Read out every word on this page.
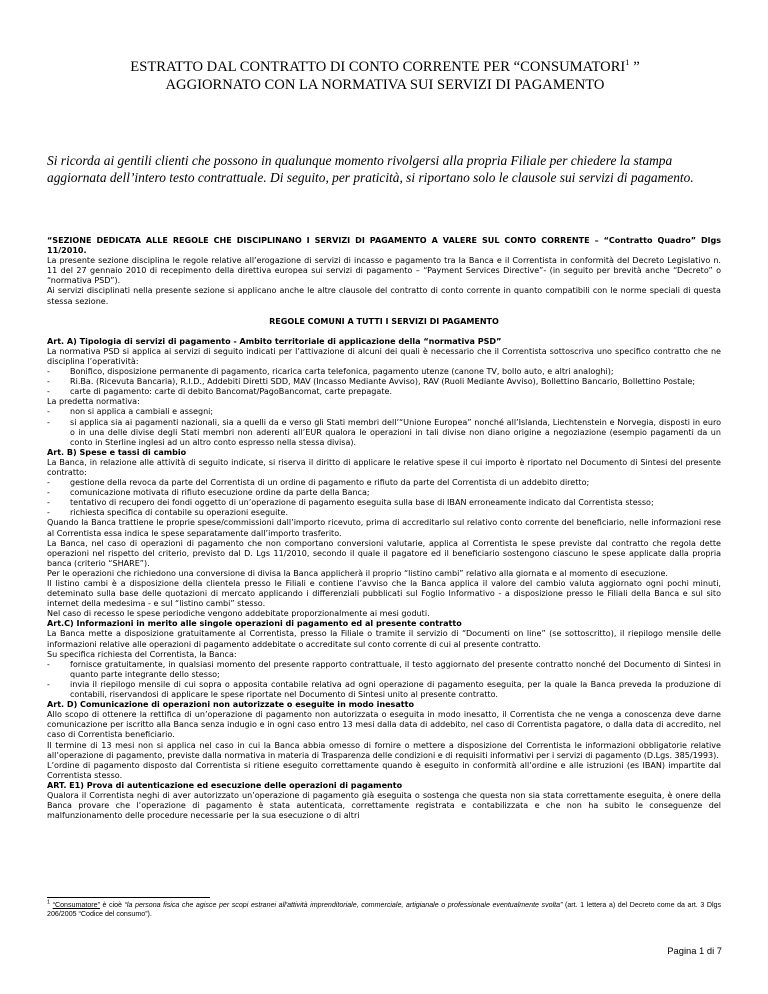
ESTRATTO DAL CONTRATTO DI CONTO CORRENTE PER “CONSUMATORI$^1$ ”
AGGIORNATO CON LA NORMATIVA SUI SERVIZI DI PAGAMENTO
Si ricorda ai gentili clienti che possono in qualunque momento rivolgersi alla propria Filiale per chiedere la stampa aggiornata dell’intero testo contrattuale. Di seguito, per praticità, si riportano solo le clausole sui servizi di pagamento.

“SEZIONE DEDICATA ALLE REGOLE CHE DISCIPLINANO I SERVIZI DI PAGAMENTO A VALERE SUL CONTO CORRENTE – “Contratto Quadro” Dlgs 11/2010.

La presente sezione disciplina le regole relative all’erogazione di servizi di incasso e pagamento tra la Banca e il Correntista in conformità del Decreto Legislativo n. 11 del 27 gennaio 2010 di recepimento della direttiva europea sui servizi di pagamento – “Payment Services Directive”- (in seguito per brevità anche “Decreto” o “normativa PSD”).

Ai servizi disciplinati nella presente sezione si applicano anche le altre clausole del contratto di conto corrente in quanto compatibili con le norme speciali di questa stessa sezione.

REGOLE COMUNI A TUTTI I SERVIZI DI PAGAMENTO

Art. A) Tipologia di servizi di pagamento - Ambito territoriale di applicazione della “normativa PSD”

La normativa PSD si applica ai servizi di seguito indicati per l’attivazione di alcuni dei quali è necessario che il Correntista sottoscriva uno specifico contratto che ne disciplina l’operatività:

- Bonifico, disposizione permanente di pagamento, ricarica carta telefonica, pagamento utenze (canone TV, bollo auto, e altri analoghi);
- Ri.Ba. (Ricevuta Bancaria), R.I.D., Addebiti Diretti SDD, MAV (Incasso Mediante Avviso), RAV (Ruoli Mediante Avviso), Bollettino Bancario, Bollettino Postale;
- carte di pagamento: carte di debito Bancomat/PagoBancomat, carte prepagate.

La predetta normativa:

- non si applica a cambiali e assegni;
- si applica sia ai pagamenti nazionali, sia a quelli da e verso gli Stati membri dell’“Unione Europea” nonché all’Islanda, Liechtenstein e Norvegia, disposti in euro o in una delle divise degli Stati membri non aderenti all’EUR qualora le operazioni in tali divise non diano origine a negoziazione (esempio pagamenti da un conto in Sterline inglesi ad un altro conto espresso nella stessa divisa).

Art. B) Spese e tassi di cambio

La Banca, in relazione alle attività di seguito indicate, si riserva il diritto di applicare le relative spese il cui importo è riportato nel Documento di Sintesi del presente contratto:

- gestione della revoca da parte del Correntista di un ordine di pagamento e rifiuto da parte del Correntista di un addebito diretto;
- comunicazione motivata di rifiuto esecuzione ordine da parte della Banca;
- tentativo di recupero dei fondi oggetto di un’operazione di pagamento eseguita sulla base di IBAN erroneamente indicato dal Correntista stesso;
- richiesta specifica di contabile su operazioni eseguite.

Quando la Banca trattiene le proprie spese/commissioni dall’importo ricevuto, prima di accreditarlo sul relativo conto corrente del beneficiario, nelle informazioni rese al Correntista essa indica le spese separatamente dall’importo trasferito.

La Banca, nel caso di operazioni di pagamento che non comportano conversioni valutarie, applica al Correntista le spese previste dal contratto che regola dette operazioni nel rispetto del criterio, previsto dal D. Lgs 11/2010, secondo il quale il pagatore ed il beneficiario sostengono ciascuno le spese applicate dalla propria banca (criterio “SHARE”).

Per le operazioni che richiedono una conversione di divisa la Banca applicherà il proprio “listino cambi” relativo alla giornata e al momento di esecuzione.

Il listino cambi è a disposizione della clientela presso le Filiali e contiene l’avviso che la Banca applica il valore del cambio valuta aggiornato ogni pochi minuti, deteminato sulla base delle quotazioni di mercato applicando i differenziali pubblicati sul Foglio Informativo - a disposizione presso le Filiali della Banca e sul sito internet della medesima - e sul “listino cambi” stesso.

Nel caso di recesso le spese periodiche vengono addebitate proporzionalmente ai mesi goduti.

Art.C) Informazioni in merito alle singole operazioni di pagamento ed al presente contratto

La Banca mette a disposizione gratuitamente al Correntista, presso la Filiale o tramite il servizio di “Documenti on line” (se sottoscritto), il riepilogo mensile delle informazioni relative alle operazioni di pagamento addebitate o accreditate sul conto corrente di cui al presente contratto.

Su specifica richiesta del Correntista, la Banca:

- fornisce gratuitamente, in qualsiasi momento del presente rapporto contrattuale, il testo aggiornato del presente contratto nonché del Documento di Sintesi in quanto parte integrante dello stesso;
- invia il riepilogo mensile di cui sopra o apposita contabile relativa ad ogni operazione di pagamento eseguita, per la quale la Banca preveda la produzione di contabili, riservandosi di applicare le spese riportate nel Documento di Sintesi unito al presente contratto.

Art. D) Comunicazione di operazioni non autorizzate o eseguite in modo inesatto

Allo scopo di ottenere la rettifica di un’operazione di pagamento non autorizzata o eseguita in modo inesatto, il Correntista che ne venga a conoscenza deve darne comunicazione per iscritto alla Banca senza indugio e in ogni caso entro 13 mesi dalla data di addebito, nel caso di Correntista pagatore, o dalla data di accredito, nel caso di Correntista beneficiario.

Il termine di 13 mesi non si applica nel caso in cui la Banca abbia omesso di fornire o mettere a disposizione del Correntista le informazioni obbligatorie relative all’operazione di pagamento, previste dalla normativa in materia di Trasparenza delle condizioni e di requisiti informativi per i servizi di pagamento (D.Lgs. 385/1993).

L’ordine di pagamento disposto dal Correntista si ritiene eseguito correttamente quando è eseguito in conformità all’ordine e alle istruzioni (es IBAN) impartite dal Correntista stesso.

ART. E1) Prova di autenticazione ed esecuzione delle operazioni di pagamento

Qualora il Correntista neghi di aver autorizzato un’operazione di pagamento già eseguita o sostenga che questa non sia stata correttamente eseguita, è onere della Banca provare che l’operazione di pagamento è stata autenticata, correttamente registrata e contabilizzata e che non ha subito le conseguenze del malfunzionamento delle procedure necessarie per la sua esecuzione o di altri

$^1$ “Consumatore” è cioè “la persona fisica che agisce per scopi estranei all'attività imprenditoriale, commerciale, artigianale o professionale eventualmente svolta” (art. 1 lettera a) del Decreto come da art. 3 Dlgs 206/2005 “Codice del consumo”).
Pagina 1 di 7
